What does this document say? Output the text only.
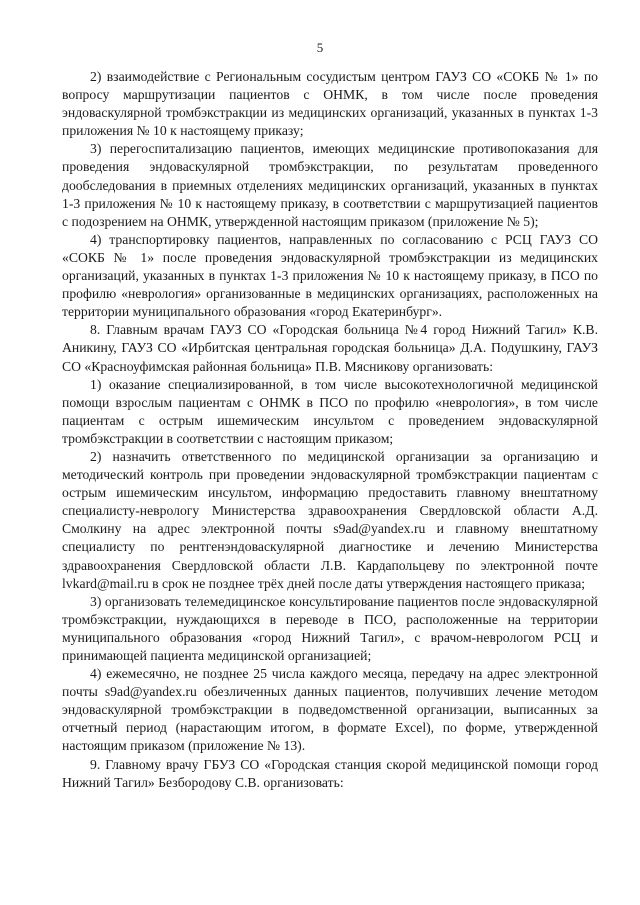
5

2) взаимодействие с Региональным сосудистым центром ГАУЗ СО «СОКБ № 1» по вопросу маршрутизации пациентов с ОНМК, в том числе после проведения эндоваскулярной тромбэкстракции из медицинских организаций, указанных в пунктах 1-3 приложения № 10 к настоящему приказу;

3) перегоспитализацию пациентов, имеющих медицинские противопоказания для проведения эндоваскулярной тромбэкстракции, по результатам проведенного дообследования в приемных отделениях медицинских организаций, указанных в пунктах 1-3 приложения № 10 к настоящему приказу, в соответствии с маршрутизацией пациентов с подозрением на ОНМК, утвержденной настоящим приказом (приложение № 5);

4) транспортировку пациентов, направленных по согласованию с РСЦ ГАУЗ СО «СОКБ № 1» после проведения эндоваскулярной тромбэкстракции из медицинских организаций, указанных в пунктах 1-3 приложения № 10 к настоящему приказу, в ПСО по профилю «неврология» организованные в медицинских организациях, расположенных на территории муниципального образования «город Екатеринбург».

8. Главным врачам ГАУЗ СО «Городская больница №4 город Нижний Тагил» К.В. Аникину, ГАУЗ СО «Ирбитская центральная городская больница» Д.А. Подушкину, ГАУЗ СО «Красноуфимская районная больница» П.В. Мясникову организовать:

1) оказание специализированной, в том числе высокотехнологичной медицинской помощи взрослым пациентам с ОНМК в ПСО по профилю «неврология», в том числе пациентам с острым ишемическим инсультом с проведением эндоваскулярной тромбэкстракции в соответствии с настоящим приказом;

2) назначить ответственного по медицинской организации за организацию и методический контроль при проведении эндоваскулярной тромбэкстракции пациентам с острым ишемическим инсультом, информацию предоставить главному внештатному специалисту-неврологу Министерства здравоохранения Свердловской области А.Д. Смолкину на адрес электронной почты s9ad@yandex.ru и главному внештатному специалисту по рентгенэндоваскулярной диагностике и лечению Министерства здравоохранения Свердловской области Л.В. Кардапольцеву по электронной почте lvkard@mail.ru в срок не позднее трёх дней после даты утверждения настоящего приказа;

3) организовать телемедицинское консультирование пациентов после эндоваскулярной тромбэкстракции, нуждающихся в переводе в ПСО, расположенные на территории муниципального образования «город Нижний Тагил», с врачом-неврологом РСЦ и принимающей пациента медицинской организацией;

4) ежемесячно, не позднее 25 числа каждого месяца, передачу на адрес электронной почты s9ad@yandex.ru обезличенных данных пациентов, получивших лечение методом эндоваскулярной тромбэкстракции в подведомственной организации, выписанных за отчетный период (нарастающим итогом, в формате Excel), по форме, утвержденной настоящим приказом (приложение № 13).

9. Главному врачу ГБУЗ СО «Городская станция скорой медицинской помощи город Нижний Тагил» Безбородову С.В. организовать:
